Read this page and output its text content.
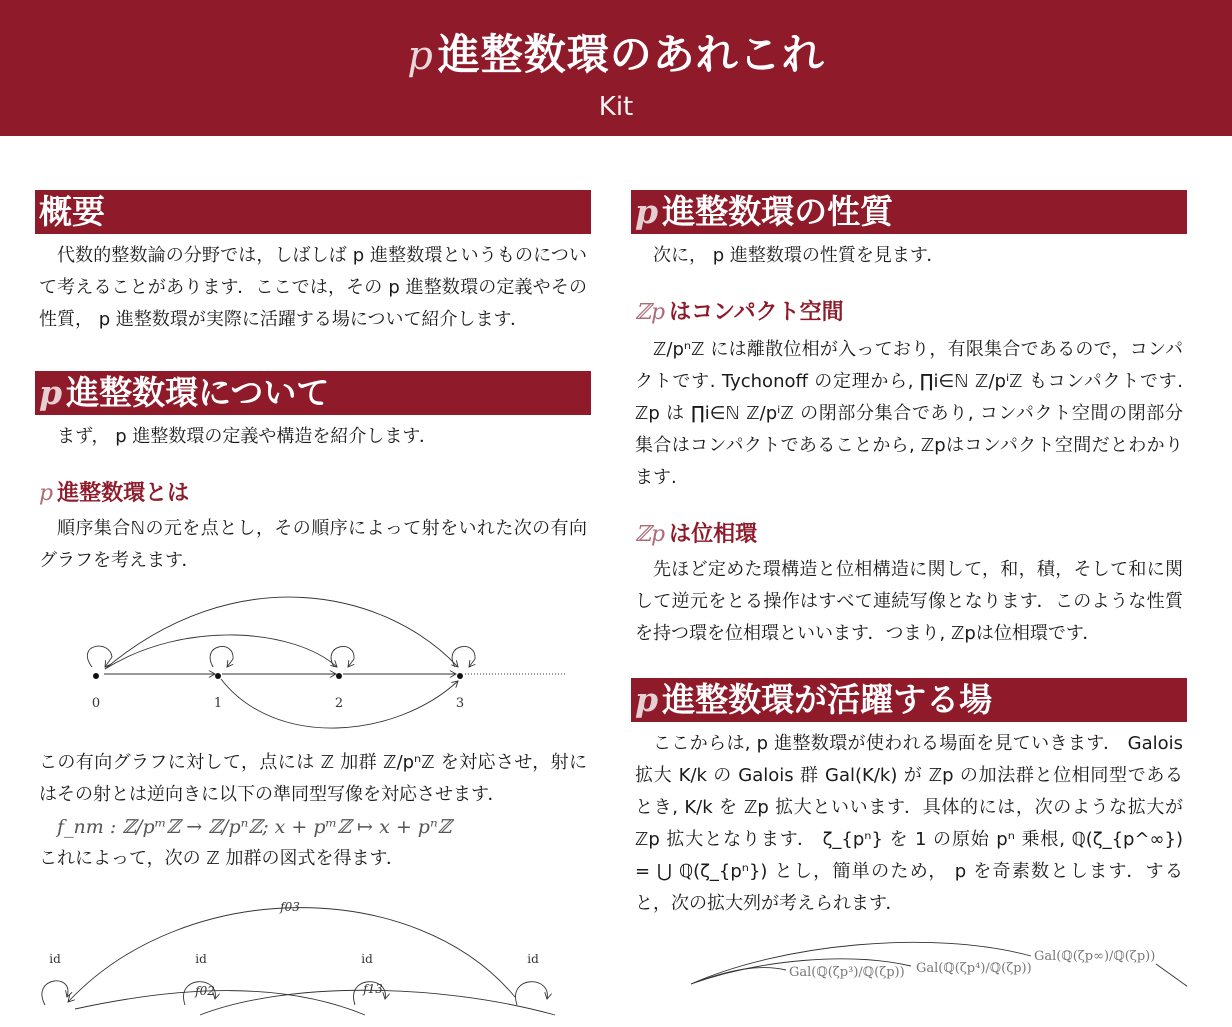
p進整数環のあれこれ
Kit
概要

代数的整数論の分野では，しばしば p 進整数環というものについて考えることがあります．ここでは，その p 進整数環の定義やその性質， p 進整数環が実際に活躍する場について紹介します．

p 進整数環について

まず， p 進整数環の定義や構造を紹介します．

p 進整数環とは

順序集合ℕの元を点とし，その順序によって射をいれた次の有向グラフを考えます．

0	1	2	3

この有向グラフに対して，点には ℤ 加群 ℤ/pⁿℤ を対応させ，射にはその射とは逆向きに以下の準同型写像を対応させます．

f_nm : ℤ/pᵐℤ → ℤ/pⁿℤ; x + pᵐℤ ↦ x + pⁿℤ

これによって，次の ℤ 加群の図式を得ます．

f03
id	id	id	id
f02	f13
p 進整数環の性質

次に， p 進整数環の性質を見ます．

ℤp はコンパクト空間

ℤ/pⁿℤ には離散位相が入っており，有限集合であるので，コンパクトです. Tychonoff の定理から, ∏i∈ℕ ℤ/pⁱℤ もコンパクトです. ℤp は ∏i∈ℕ ℤ/pⁱℤ の閉部分集合であり, コンパクト空間の閉部分集合はコンパクトであることから, ℤpはコンパクト空間だとわかります.

ℤp は位相環

先ほど定めた環構造と位相構造に関して，和，積，そして和に関して逆元をとる操作はすべて連続写像となります．このような性質を持つ環を位相環といいます．つまり, ℤpは位相環です．

p 進整数環が活躍する場

ここからは, p 進整数環が使われる場面を見ていきます． Galois 拡大 K/k の Galois 群 Gal(K/k) が ℤp の加法群と位相同型であるとき, K/k を ℤp 拡大といいます．具体的には，次のような拡大が ℤp 拡大となります． ζ_{pⁿ} を 1 の原始 pⁿ 乗根, ℚ(ζ_{p^∞}) = ⋃ ℚ(ζ_{pⁿ}) とし，簡単のため， p を奇素数とします．すると，次の拡大列が考えられます．

Gal(ℚ(ζp³)/ℚ(ζp)) Gal(ℚ(ζp⁴)/ℚ(ζp))
Gal(ℚ(ζp∞)/ℚ(ζp))
